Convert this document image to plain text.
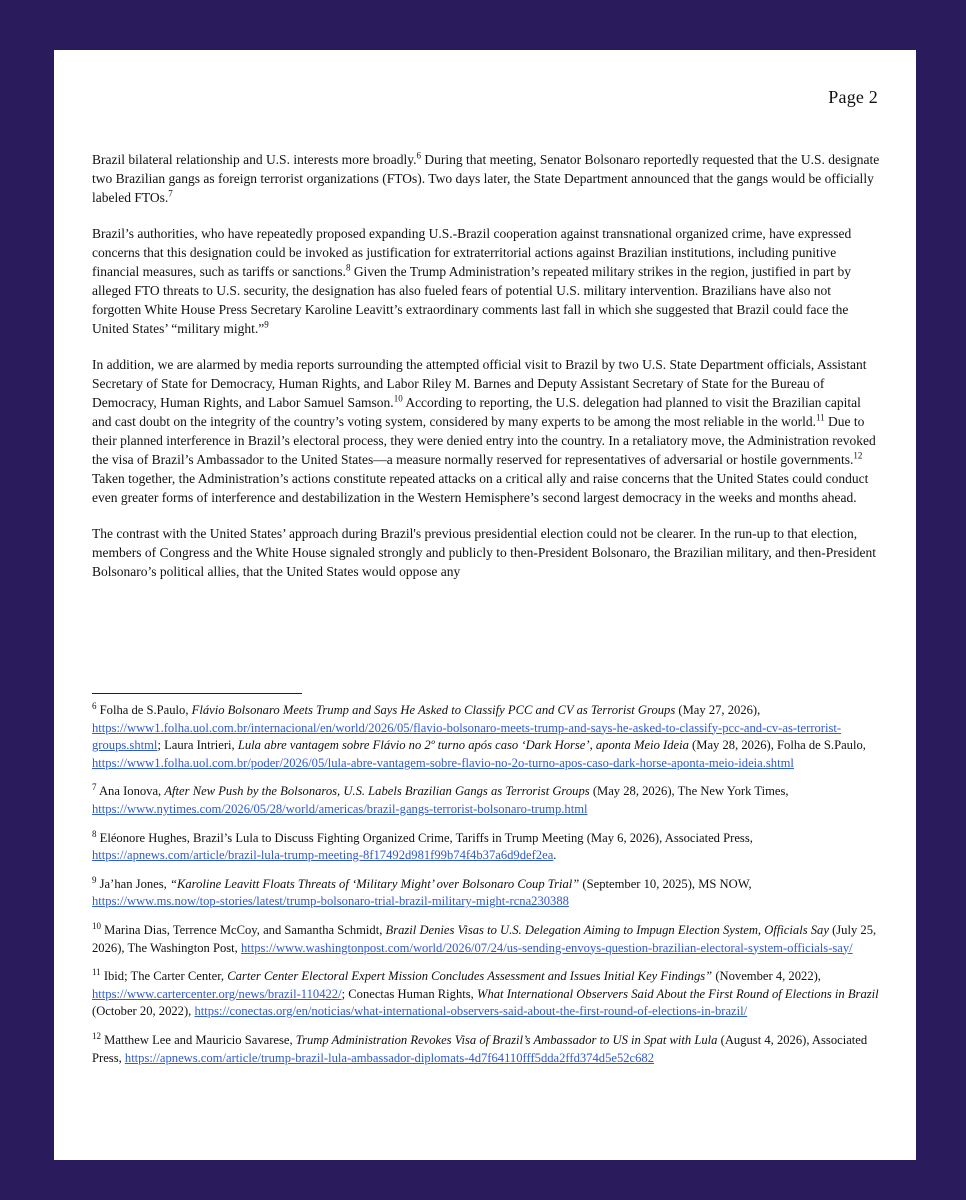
Page 2

Brazil bilateral relationship and U.S. interests more broadly.$^6$ During that meeting, Senator Bolsonaro reportedly requested that the U.S. designate two Brazilian gangs as foreign terrorist organizations (FTOs). Two days later, the State Department announced that the gangs would be officially labeled FTOs.$^7$

Brazil’s authorities, who have repeatedly proposed expanding U.S.-Brazil cooperation against transnational organized crime, have expressed concerns that this designation could be invoked as justification for extraterritorial actions against Brazilian institutions, including punitive financial measures, such as tariffs or sanctions.$^8$ Given the Trump Administration’s repeated military strikes in the region, justified in part by alleged FTO threats to U.S. security, the designation has also fueled fears of potential U.S. military intervention. Brazilians have also not forgotten White House Press Secretary Karoline Leavitt’s extraordinary comments last fall in which she suggested that Brazil could face the United States’ “military might.”$^9$

In addition, we are alarmed by media reports surrounding the attempted official visit to Brazil by two U.S. State Department officials, Assistant Secretary of State for Democracy, Human Rights, and Labor Riley M. Barnes and Deputy Assistant Secretary of State for the Bureau of Democracy, Human Rights, and Labor Samuel Samson.$^{10}$ According to reporting, the U.S. delegation had planned to visit the Brazilian capital and cast doubt on the integrity of the country’s voting system, considered by many experts to be among the most reliable in the world.$^{11}$ Due to their planned interference in Brazil’s electoral process, they were denied entry into the country. In a retaliatory move, the Administration revoked the visa of Brazil’s Ambassador to the United States—a measure normally reserved for representatives of adversarial or hostile governments.$^{12}$ Taken together, the Administration’s actions constitute repeated attacks on a critical ally and raise concerns that the United States could conduct even greater forms of interference and destabilization in the Western Hemisphere’s second largest democracy in the weeks and months ahead.

The contrast with the United States’ approach during Brazil's previous presidential election could not be clearer. In the run-up to that election, members of Congress and the White House signaled strongly and publicly to then-President Bolsonaro, the Brazilian military, and then-President Bolsonaro’s political allies, that the United States would oppose any

$^6$ Folha de S.Paulo, Flávio Bolsonaro Meets Trump and Says He Asked to Classify PCC and CV as Terrorist Groups (May 27, 2026), https://www1.folha.uol.com.br/internacional/en/world/2026/05/flavio-bolsonaro-meets-trump-and-says-he-asked-to-classify-pcc-and-cv-as-terrorist-groups.shtml; Laura Intrieri, Lula abre vantagem sobre Flávio no 2º turno após caso ‘Dark Horse’, aponta Meio Ideia (May 28, 2026), Folha de S.Paulo, https://www1.folha.uol.com.br/poder/2026/05/lula-abre-vantagem-sobre-flavio-no-2o-turno-apos-caso-dark-horse-aponta-meio-ideia.shtml
$^7$ Ana Ionova, After New Push by the Bolsonaros, U.S. Labels Brazilian Gangs as Terrorist Groups (May 28, 2026), The New York Times, https://www.nytimes.com/2026/05/28/world/americas/brazil-gangs-terrorist-bolsonaro-trump.html
$^8$ Eléonore Hughes, Brazil’s Lula to Discuss Fighting Organized Crime, Tariffs in Trump Meeting (May 6, 2026), Associated Press, https://apnews.com/article/brazil-lula-trump-meeting-8f17492d981f99b74f4b37a6d9def2ea.
$^9$ Ja’han Jones, “Karoline Leavitt Floats Threats of ‘Military Might’ over Bolsonaro Coup Trial” (September 10, 2025), MS NOW, https://www.ms.now/top-stories/latest/trump-bolsonaro-trial-brazil-military-might-rcna230388
$^{10}$ Marina Dias, Terrence McCoy, and Samantha Schmidt, Brazil Denies Visas to U.S. Delegation Aiming to Impugn Election System, Officials Say (July 25, 2026), The Washington Post, https://www.washingtonpost.com/world/2026/07/24/us-sending-envoys-question-brazilian-electoral-system-officials-say/
$^{11}$ Ibid; The Carter Center, Carter Center Electoral Expert Mission Concludes Assessment and Issues Initial Key Findings” (November 4, 2022), https://www.cartercenter.org/news/brazil-110422/; Conectas Human Rights, What International Observers Said About the First Round of Elections in Brazil (October 20, 2022), https://conectas.org/en/noticias/what-international-observers-said-about-the-first-round-of-elections-in-brazil/
$^{12}$ Matthew Lee and Mauricio Savarese, Trump Administration Revokes Visa of Brazil’s Ambassador to US in Spat with Lula (August 4, 2026), Associated Press, https://apnews.com/article/trump-brazil-lula-ambassador-diplomats-4d7f64110fff5dda2ffd374d5e52c682
